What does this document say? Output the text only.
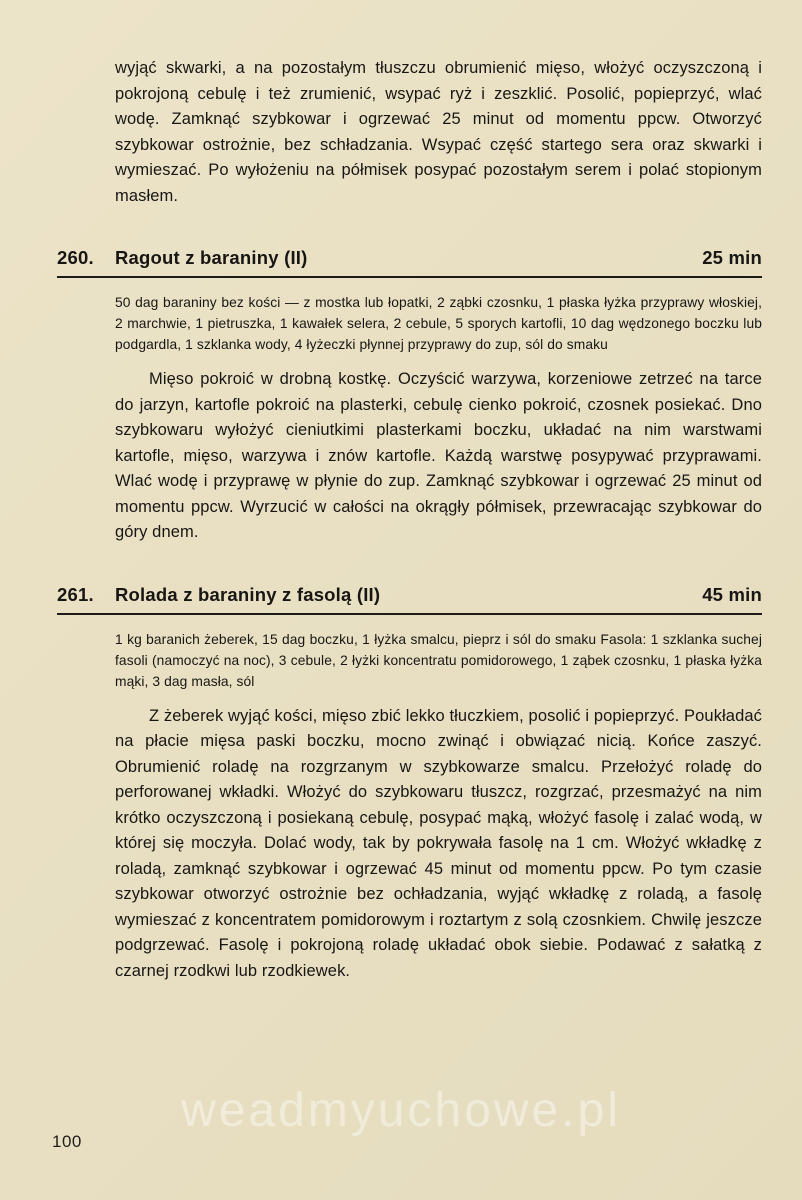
wyjąć skwarki, a na pozostałym tłuszczu obrumienić mięso, włożyć oczyszczoną i pokrojoną cebulę i też zrumienić, wsypać ryż i zeszklić. Posolić, popieprzyć, wlać wodę. Zamknąć szybkowar i ogrzewać 25 minut od momentu ppcw. Otworzyć szybkowar ostrożnie, bez schładzania. Wsypać część startego sera oraz skwarki i wymieszać. Po wyłożeniu na półmisek posypać pozostałym serem i polać stopionym masłem.

260.	Ragout z baraniny (II)	25 min

50 dag baraniny bez kości — z mostka lub łopatki, 2 ząbki czosnku, 1 płaska łyżka przyprawy włoskiej, 2 marchwie, 1 pietruszka, 1 kawałek selera, 2 cebule, 5 sporych kartofli, 10 dag wędzonego boczku lub podgardla, 1 szklanka wody, 4 łyżeczki płynnej przyprawy do zup, sól do smaku

Mięso pokroić w drobną kostkę. Oczyścić warzywa, korzeniowe zetrzeć na tarce do jarzyn, kartofle pokroić na plasterki, cebulę cienko pokroić, czosnek posiekać. Dno szybkowaru wyłożyć cieniutkimi plasterkami boczku, układać na nim warstwami kartofle, mięso, warzywa i znów kartofle. Każdą warstwę posypywać przyprawami. Wlać wodę i przyprawę w płynie do zup. Zamknąć szybkowar i ogrzewać 25 minut od momentu ppcw. Wyrzucić w całości na okrągły półmisek, przewracając szybkowar do góry dnem.

261.	Rolada z baraniny z fasolą (II)	45 min

1 kg baranich żeberek, 15 dag boczku, 1 łyżka smalcu, pieprz i sól do smaku Fasola: 1 szklanka suchej fasoli (namoczyć na noc), 3 cebule, 2 łyżki koncentratu pomidorowego, 1 ząbek czosnku, 1 płaska łyżka mąki, 3 dag masła, sól

Z żeberek wyjąć kości, mięso zbić lekko tłuczkiem, posolić i popieprzyć. Poukładać na płacie mięsa paski boczku, mocno zwinąć i obwiązać nicią. Końce zaszyć. Obrumienić roladę na rozgrzanym w szybkowarze smalcu. Przełożyć roladę do perforowanej wkładki. Włożyć do szybkowaru tłuszcz, rozgrzać, przesmażyć na nim krótko oczyszczoną i posiekaną cebulę, posypać mąką, włożyć fasolę i zalać wodą, w której się moczyła. Dolać wody, tak by pokrywała fasolę na 1 cm. Włożyć wkładkę z roladą, zamknąć szybkowar i ogrzewać 45 minut od momentu ppcw. Po tym czasie szybkowar otworzyć ostrożnie bez ochładzania, wyjąć wkładkę z roladą, a fasolę wymieszać z koncentratem pomidorowym i roztartym z solą czosnkiem. Chwilę jeszcze podgrzewać. Fasolę i pokrojoną roladę układać obok siebie. Podawać z sałatką z czarnej rzodkwi lub rzodkiewek.

weadmyuchowe.pl
100
